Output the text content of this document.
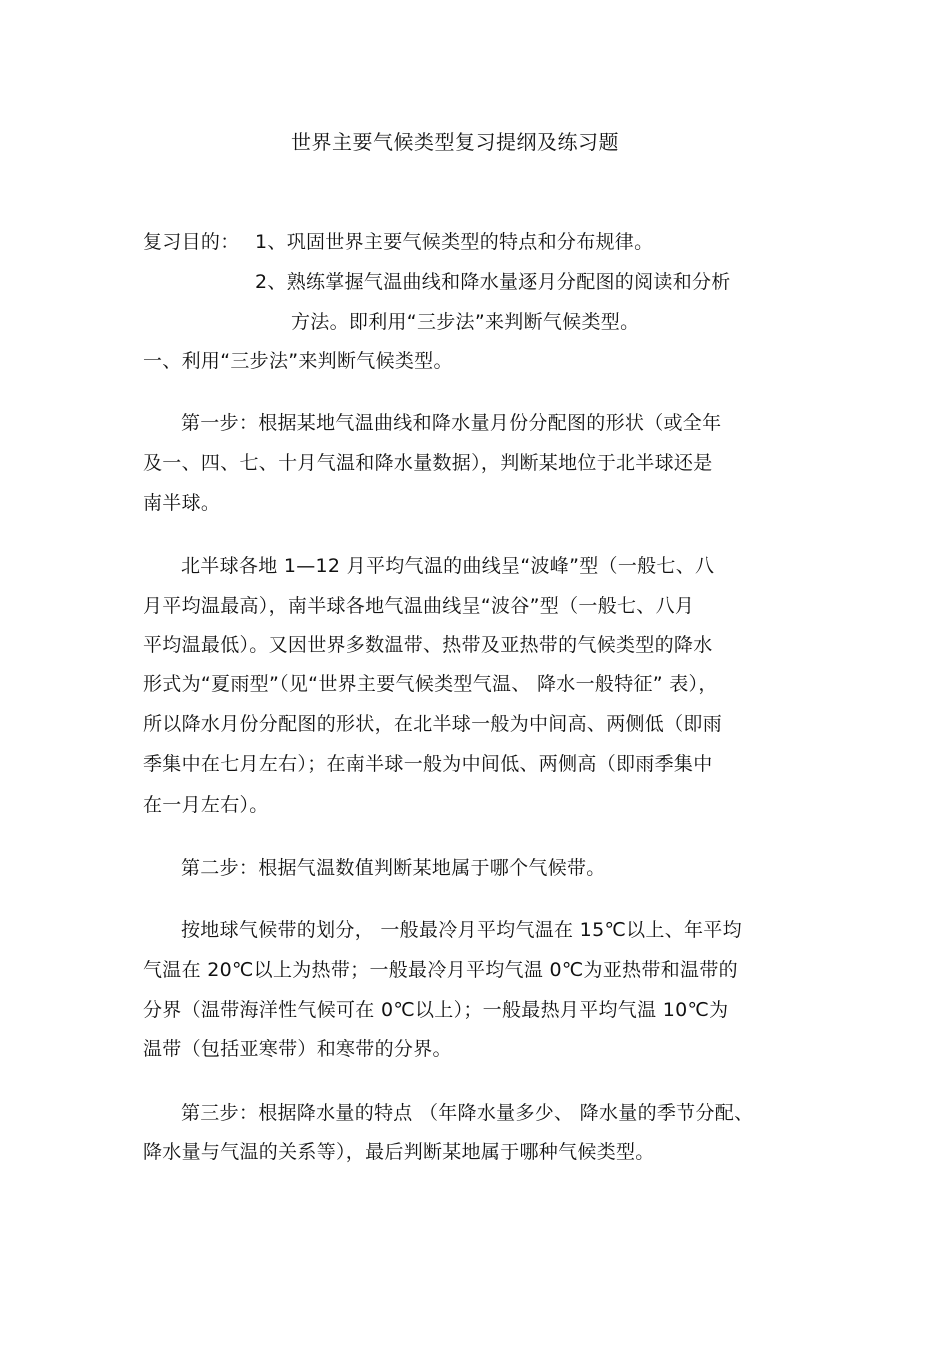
世界主要气候类型复习提纲及练习题
复习目的： 1、巩固世界主要气候类型的特点和分布规律。
2、熟练掌握气温曲线和降水量逐月分配图的阅读和分析
方法。即利用“三步法”来判断气候类型。
一、利用“三步法”来判断气候类型。
第一步：根据某地气温曲线和降水量月份分配图的形状（或全年
及一、四、七、十月气温和降水量数据），判断某地位于北半球还是
南半球。
北半球各地 1—12 月平均气温的曲线呈“波峰”型（一般七、八
月平均温最高），南半球各地气温曲线呈“波谷”型（一般七、八月
平均温最低）。又因世界多数温带、热带及亚热带的气候类型的降水
形式为“夏雨型”（见“世界主要气候类型气温、 降水一般特征” 表），
所以降水月份分配图的形状，在北半球一般为中间高、两侧低（即雨
季集中在七月左右）；在南半球一般为中间低、两侧高（即雨季集中
在一月左右）。
第二步：根据气温数值判断某地属于哪个气候带。
按地球气候带的划分， 一般最冷月平均气温在 15℃以上、年平均
气温在 20℃以上为热带；一般最冷月平均气温 0℃为亚热带和温带的
分界（温带海洋性气候可在 0℃以上）；一般最热月平均气温 10℃为
温带（包括亚寒带）和寒带的分界。
第三步：根据降水量的特点 （年降水量多少、 降水量的季节分配、
降水量与气温的关系等），最后判断某地属于哪种气候类型。
